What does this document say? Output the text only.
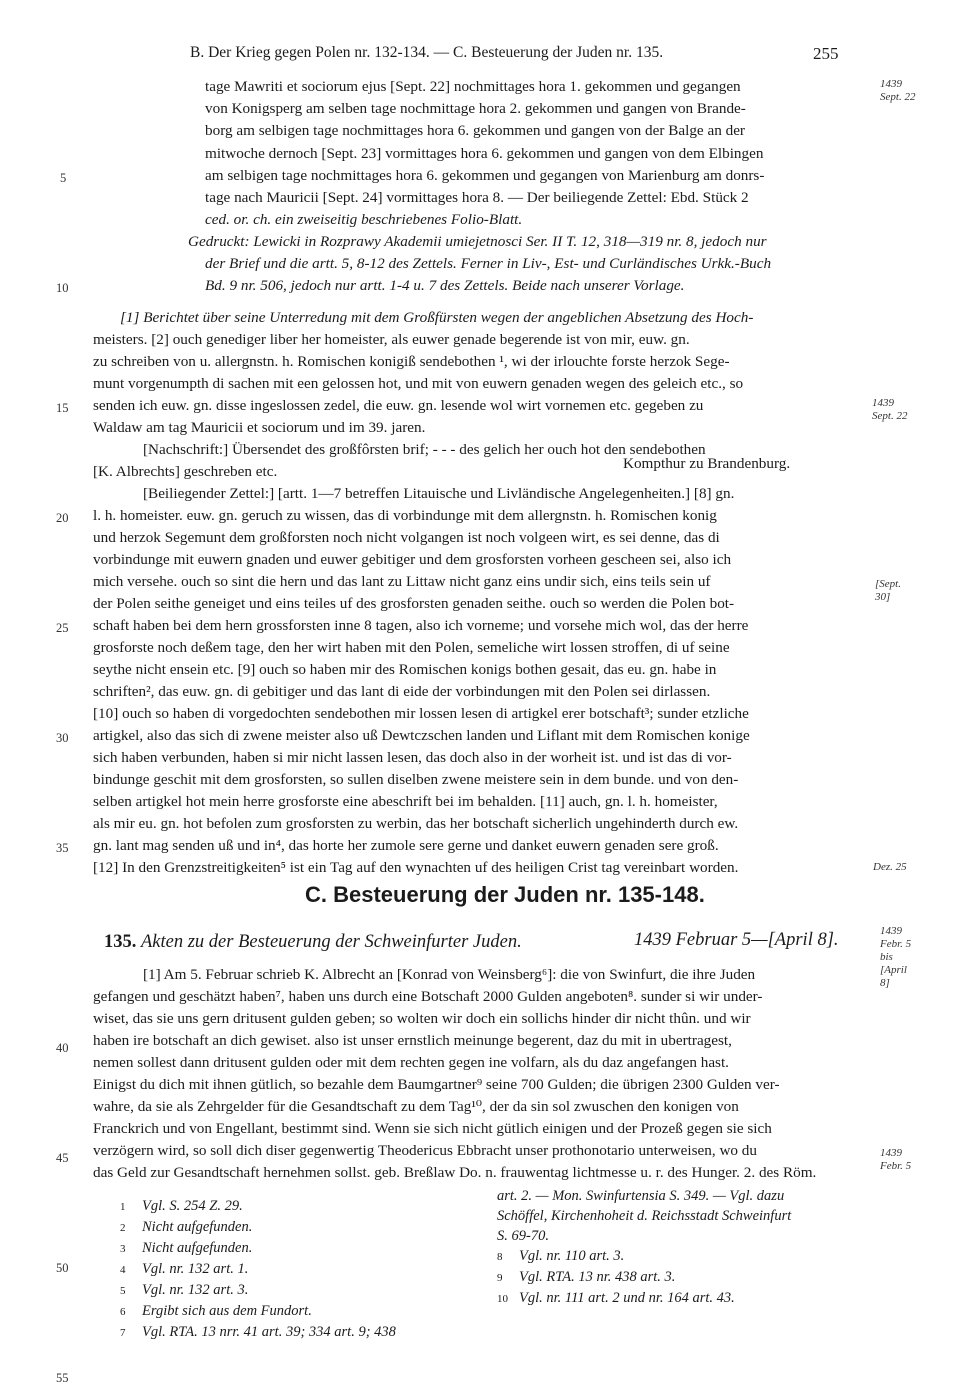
B. Der Krieg gegen Polen nr. 132-134. — C. Besteuerung der Juden nr. 135.	255
tage Mawriti et sociorum ejus [Sept. 22] nochmittages hora 1. gekommen und gegangen
von Konigsperg am selben tage nochmittage hora 2. gekommen und gangen von Brande-
borg am selbigen tage nochmittages hora 6. gekommen und gangen von der Balge an der
mitwoche dernoch [Sept. 23] vormittages hora 6. gekommen und gangen von dem Elbingen
am selbigen tage nochmittages hora 6. gekommen und gegangen von Marienburg am donrs-
tage nach Mauricii [Sept. 24] vormittages hora 8. — Der beiliegende Zettel: Ebd. Stück 2
ced. or. ch. ein zweiseitig beschriebenes Folio-Blatt.
Gedruckt: Lewicki in Rozprawy Akademii umiejetnosci Ser. II T. 12, 318—319 nr. 8, jedoch nur
der Brief und die artt. 5, 8-12 des Zettels. Ferner in Liv-, Est- und Curländisches Urkk.-Buch
Bd. 9 nr. 506, jedoch nur artt. 1-4 u. 7 des Zettels. Beide nach unserer Vorlage.
[1] Berichtet über seine Unterredung mit dem Großfürsten wegen der angeblichen Absetzung des Hoch-
meisters. [2] ouch genediger liber her homeister, als euwer genade begerende ist von mir, euw. gn.
zu schreiben von u. allergnstn. h. Romischen konigiß sendebothen ¹, wi der irlouchte forste herzok Sege-
munt vorgenumpth di sachen mit een gelossen hot, und mit von euwern genaden wegen des geleich etc., so
senden ich euw. gn. disse ingeslossen zedel, die euw. gn. lesende wol wirt vornemen etc. gegeben zu
Waldaw am tag Mauricii et sociorum und im 39. jaren.
[Nachschrift:] Übersendet des großfôrsten brif; - - - des gelich her ouch hot den sendebothen
[K. Albrechts] geschreben etc.	Kompthur zu Brandenburg.
[Beiliegender Zettel:] [artt. 1—7 betreffen Litauische und Livländische Angelegenheiten.] [8] gn.
l. h. homeister. euw. gn. geruch zu wissen, das di vorbindunge mit dem allergnstn. h. Romischen konig
und herzok Segemunt dem großforsten noch nicht volgangen ist noch volgeen wirt, es sei denne, das di
vorbindunge mit euwern gnaden und euwer gebitiger und dem grosforsten vorheen gescheen sei, also ich
mich versehe. ouch so sint die hern und das lant zu Littaw nicht ganz eins undir sich, eins teils sein uf
der Polen seithe geneiget und eins teiles uf des grosforsten genaden seithe. ouch so werden die Polen bot-
schaft haben bei dem hern grossforsten inne 8 tagen, also ich vorneme; und vorsehe mich wol, das der herre
grosforste noch deßem tage, den her wirt haben mit den Polen, semeliche wirt lossen stroffen, di uf seine
seythe nicht ensein etc. [9] ouch so haben mir des Romischen konigs bothen gesait, das eu. gn. habe in
schriften², das euw. gn. di gebitiger und das lant di eide der vorbindungen mit den Polen sei dirlassen.
[10] ouch so haben di vorgedochten sendebothen mir lossen lesen di artigkel erer botschaft³; sunder etzliche
artigkel, also das sich di zwene meister also uß Dewtczschen landen und Liflant mit dem Romischen konige
sich haben verbunden, haben si mir nicht lassen lesen, das doch also in der worheit ist. und ist das di vor-
bindunge geschit mit dem grosforsten, so sullen diselben zwene meistere sein in dem bunde. und von den-
selben artigkel hot mein herre grosforste eine abeschrift bei im behalden. [11] auch, gn. l. h. homeister,
als mir eu. gn. hot befolen zum grosforsten zu werbin, das her botschaft sicherlich ungehinderth durch ew.
gn. lant mag senden uß und in⁴, das horte her zumole sere gerne und danket euwern genaden sere groß.
[12] In den Grenzstreitigkeiten⁵ ist ein Tag auf den wynachten uf des heiligen Crist tag vereinbart worden.
5
10
15
20
25
30
35
40
45
50
55
1439
Sept. 22
1439
Sept. 22
[Sept.
30]
Dez. 25
1439
Febr. 5
bis
[April
8]
1439
Febr. 5
C. Besteuerung der Juden nr. 135-148.
135. Akten zu der Besteuerung der Schweinfurter Juden.	1439 Februar 5—[April 8].
[1] Am 5. Februar schrieb K. Albrecht an [Konrad von Weinsberg⁶]: die von Swinfurt, die ihre Juden
gefangen und geschätzt haben⁷, haben uns durch eine Botschaft 2000 Gulden angeboten⁸. sunder si wir under-
wiset, das sie uns gern dritusent gulden geben; so wolten wir doch ein sollichs hinder dir nicht thûn. und wir
haben ire botschaft an dich gewiset. also ist unser ernstlich meinunge begerent, daz du mit in ubertragest,
nemen sollest dann dritusent gulden oder mit dem rechten gegen ine volfarn, als du daz angefangen hast.
Einigst du dich mit ihnen gütlich, so bezahle dem Baumgartner⁹ seine 700 Gulden; die übrigen 2300 Gulden ver-
wahre, da sie als Zehrgelder für die Gesandtschaft zu dem Tag¹⁰, der da sin sol zwuschen den konigen von
Franckrich und von Engellant, bestimmt sind. Wenn sie sich nicht gütlich einigen und der Prozeß gegen sie sich
verzögern wird, so soll dich diser gegenwertig Theodericus Ebbracht unser prothonotario unterweisen, wo du
das Geld zur Gesandtschaft hernehmen sollst. geb. Breßlaw Do. n. frauwentag lichtmesse u. r. des Hunger. 2. des Röm.
1 Vgl. S. 254 Z. 29.
2 Nicht aufgefunden.
3 Nicht aufgefunden.
4 Vgl. nr. 132 art. 1.
5 Vgl. nr. 132 art. 3.
6 Ergibt sich aus dem Fundort.
7 Vgl. RTA. 13 nrr. 41 art. 39; 334 art. 9; 438
art. 2. — Mon. Swinfurtensia S. 349. — Vgl. dazu
Schöffel, Kirchenhoheit d. Reichsstadt Schweinfurt
S. 69-70.
8 Vgl. nr. 110 art. 3.
9 Vgl. RTA. 13 nr. 438 art. 3.
10 Vgl. nr. 111 art. 2 und nr. 164 art. 43.
